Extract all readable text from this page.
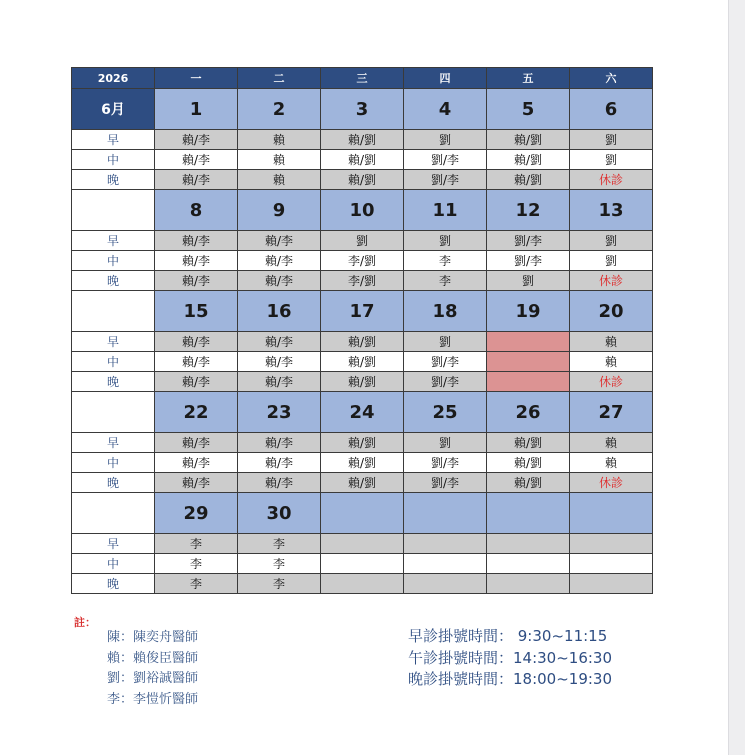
2026	一	二	三	四	五	六
6月	1	2	3	4	5	6
早	賴/李	賴	賴/劉	劉	賴/劉	劉
中	賴/李	賴	賴/劉	劉/李	賴/劉	劉
晚	賴/李	賴	賴/劉	劉/李	賴/劉	休診
	8	9	10	11	12	13
早	賴/李	賴/李	劉	劉	劉/李	劉
中	賴/李	賴/李	李/劉	李	劉/李	劉
晚	賴/李	賴/李	李/劉	李	劉	休診
	15	16	17	18	19	20
早	賴/李	賴/李	賴/劉	劉		賴
中	賴/李	賴/李	賴/劉	劉/李		賴
晚	賴/李	賴/李	賴/劉	劉/李		休診
	22	23	24	25	26	27
早	賴/李	賴/李	賴/劉	劉	賴/劉	賴
中	賴/李	賴/李	賴/劉	劉/李	賴/劉	賴
晚	賴/李	賴/李	賴/劉	劉/李	賴/劉	休診
	29	30				
早	李	李				
中	李	李				
晚	李	李				
註：
陳：陳奕舟醫師
賴：賴俊臣醫師
劉：劉裕誠醫師
李：李愷忻醫師
早診掛號時間： 9:30~11:15
午診掛號時間：14:30~16:30
晚診掛號時間：18:00~19:30
